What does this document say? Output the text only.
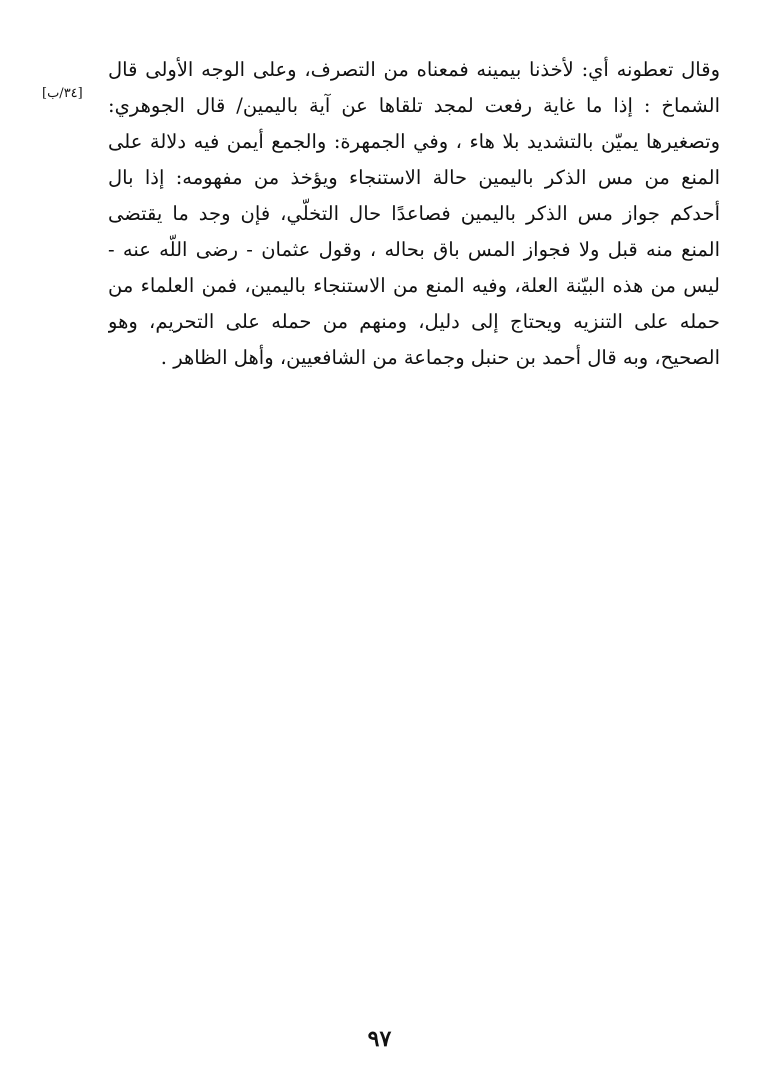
[٣٤/ب]
وقال تعطونه أي: لأخذنا بيمينه فمعناه من التصرف، وعلى الوجه الأولى قال
الشماخ : إذا ما غاية رفعت لمجد تلقاها عن آية باليمين/ قال الجوهري:
وتصغيرها يميّن بالتشديد بلا هاء ، وفي الجمهرة: والجمع أيمن فيه دلالة على
المنع من مس الذكر باليمين حالة الاستنجاء ويؤخذ من مفهومه: إذا بال
أحدكم جواز مس الذكر باليمين فصاعدًا حال التخلّي، فإن وجد ما يقتضى
المنع منه قبل ولا فجواز المس باق بحاله ، وقول عثمان - رضى اللّه عنه -
ليس من هذه البيّنة العلة، وفيه المنع من الاستنجاء باليمين، فمن العلماء من
حمله على التنزيه ويحتاج إلى دليل، ومنهم من حمله على التحريم، وهو
الصحيح، وبه قال أحمد بن حنبل وجماعة من الشافعيين، وأهل الظاهر .
٩٧
